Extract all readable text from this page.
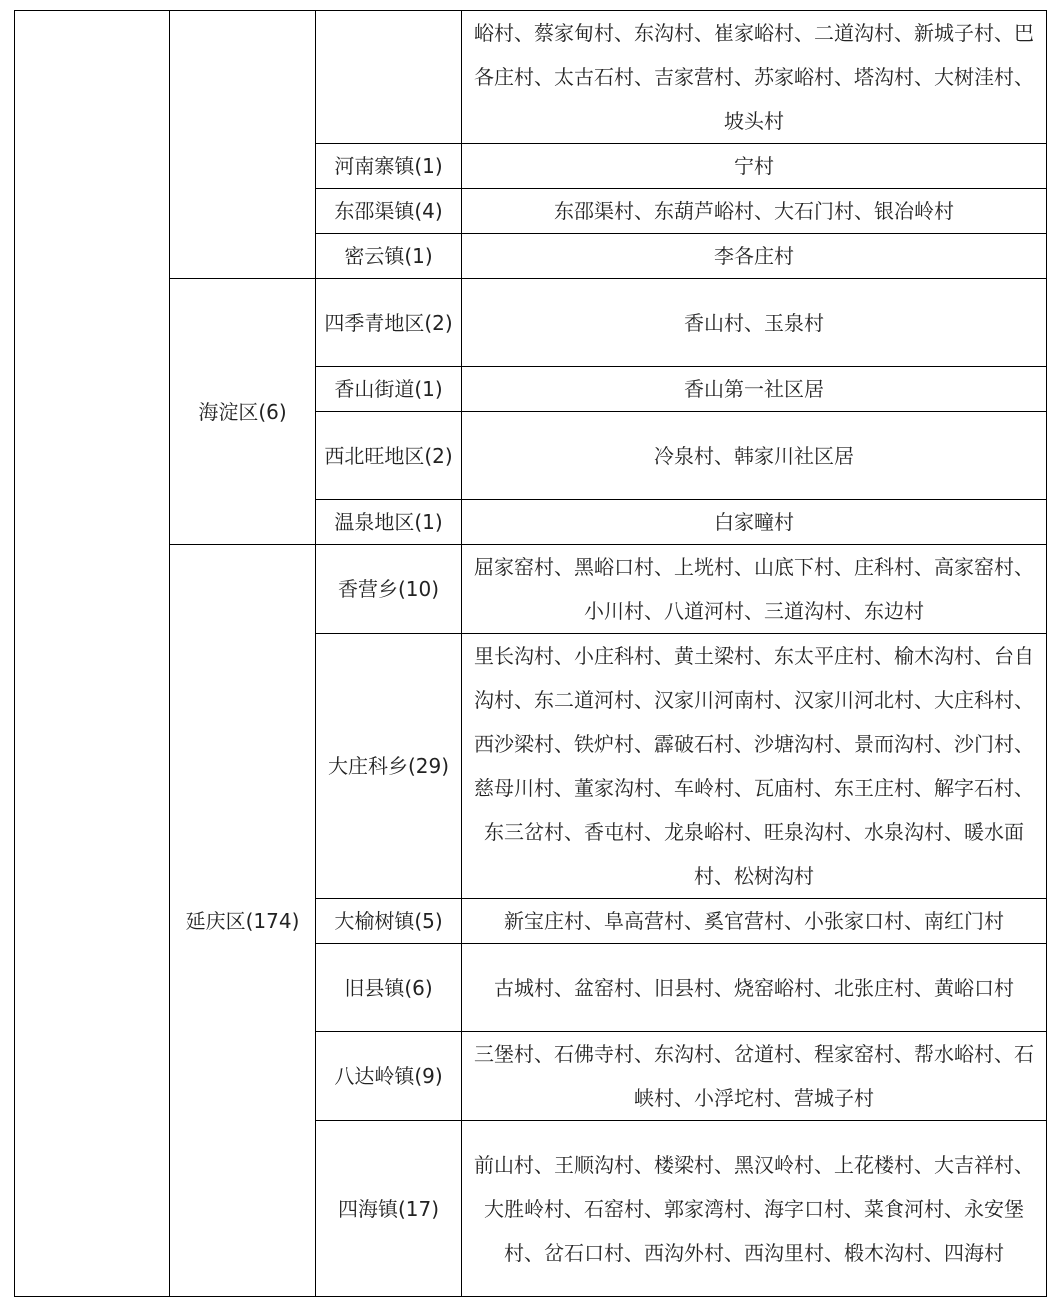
			峪村、蔡家甸村、东沟村、崔家峪村、二道沟村、新城子村、巴各庄村、太古石村、吉家营村、苏家峪村、塔沟村、大树洼村、坡头村
		河南寨镇(1)	宁村
		东邵渠镇(4)	东邵渠村、东葫芦峪村、大石门村、银冶岭村
		密云镇(1)	李各庄村
	海淀区(6)	四季青地区(2)	香山村、玉泉村
		香山街道(1)	香山第一社区居
		西北旺地区(2)	冷泉村、韩家川社区居
		温泉地区(1)	白家疃村
	延庆区(174)	香营乡(10)	屈家窑村、黑峪口村、上垙村、山底下村、庄科村、高家窑村、小川村、八道河村、三道沟村、东边村
		大庄科乡(29)	里长沟村、小庄科村、黄土梁村、东太平庄村、榆木沟村、台自沟村、东二道河村、汉家川河南村、汉家川河北村、大庄科村、西沙梁村、铁炉村、霹破石村、沙塘沟村、景而沟村、沙门村、慈母川村、董家沟村、车岭村、瓦庙村、东王庄村、解字石村、东三岔村、香屯村、龙泉峪村、旺泉沟村、水泉沟村、暖水面村、松树沟村
		大榆树镇(5)	新宝庄村、阜高营村、奚官营村、小张家口村、南红门村
		旧县镇(6)	古城村、盆窑村、旧县村、烧窑峪村、北张庄村、黄峪口村
		八达岭镇(9)	三堡村、石佛寺村、东沟村、岔道村、程家窑村、帮水峪村、石峡村、小浮坨村、营城子村
		四海镇(17)	前山村、王顺沟村、楼梁村、黑汉岭村、上花楼村、大吉祥村、大胜岭村、石窑村、郭家湾村、海字口村、菜食河村、永安堡村、岔石口村、西沟外村、西沟里村、椴木沟村、四海村
